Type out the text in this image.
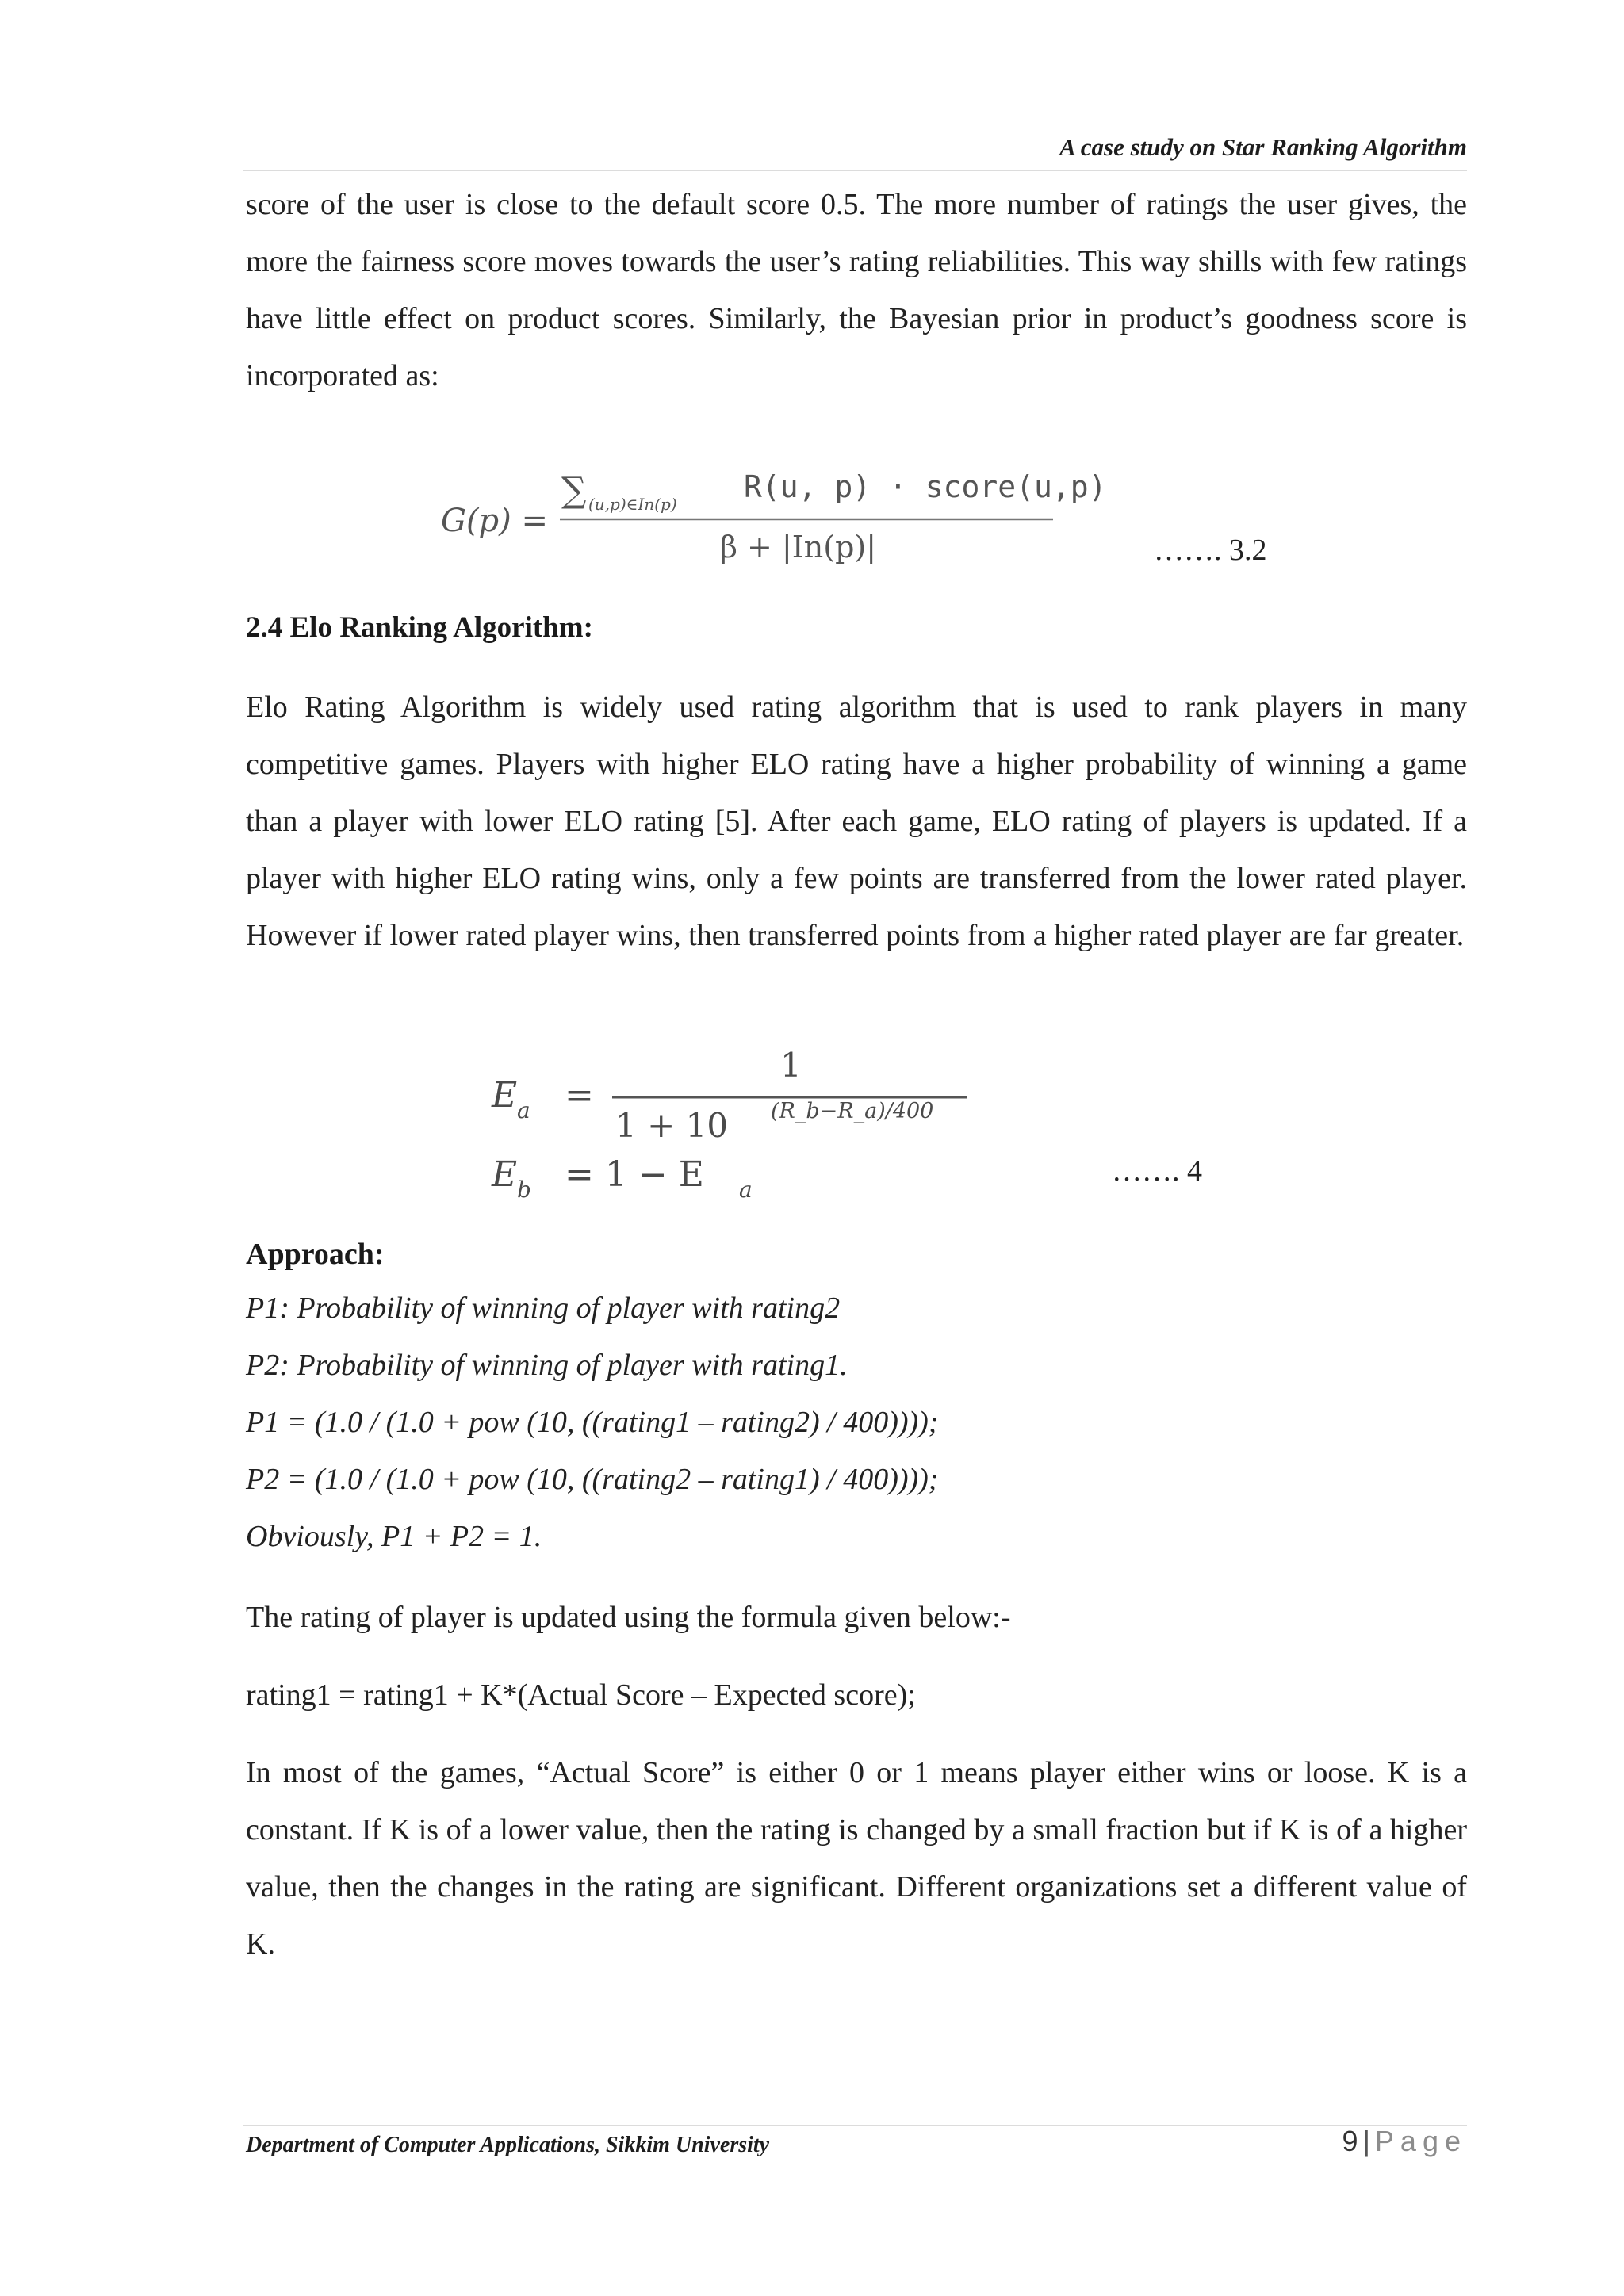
A case study on Star Ranking Algorithm

score of the user is close to the default score 0.5. The more number of ratings the user gives, the more the fairness score moves towards the user’s rating reliabilities. This way shills with few ratings have little effect on product scores. Similarly, the Bayesian prior in product’s goodness score is incorporated as:

G(p) =
∑ (u,p)∈In(p) R(u, p) · score(u,p)
β + |In(p)|	……. 3.2
2.4 Elo Ranking Algorithm:

Elo Rating Algorithm is widely used rating algorithm that is used to rank players in many competitive games. Players with higher ELO rating have a higher probability of winning a game than a player with lower ELO rating [5]. After each game, ELO rating of players is updated. If a player with higher ELO rating wins, only a few points are transferred from the lower rated player. However if lower rated player wins, then transferred points from a higher rated player are far greater.

E a =
1
1 + 10 (R_b−R_a)/400
E b = 1 − E a
……. 4
Approach:
P1: Probability of winning of player with rating2
P2: Probability of winning of player with rating1.
P1 = (1.0 / (1.0 + pow (10, ((rating1 – rating2) / 400))));
P2 = (1.0 / (1.0 + pow (10, ((rating2 – rating1) / 400))));
Obviously, P1 + P2 = 1.
The rating of player is updated using the formula given below:-
rating1 = rating1 + K*(Actual Score – Expected score);

In most of the games, “Actual Score” is either 0 or 1 means player either wins or loose. K is a constant. If K is of a lower value, then the rating is changed by a small fraction but if K is of a higher value, then the changes in the rating are significant. Different organizations set a different value of K.

Department of Computer Applications, Sikkim University	9 | Page
